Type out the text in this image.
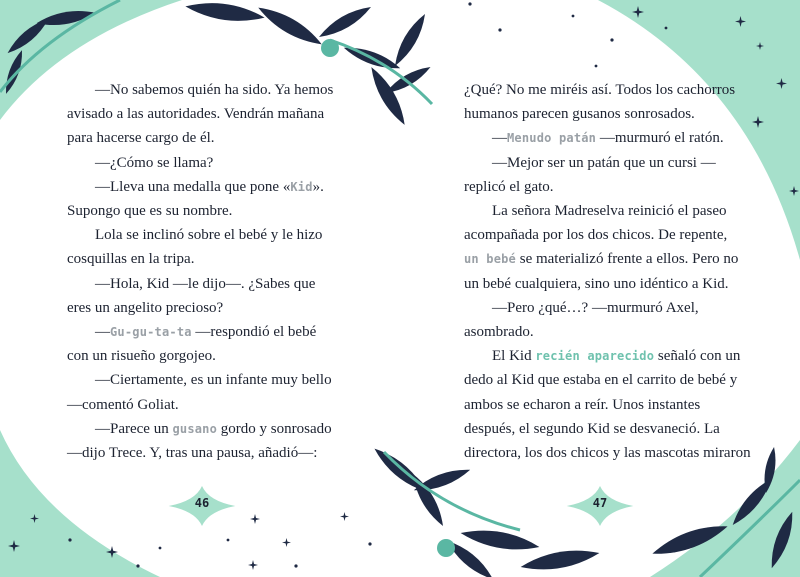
—No sabemos quién ha sido. Ya hemos avisado a las autoridades. Vendrán mañana para hacerse cargo de él.

—¿Cómo se llama?

—Lleva una medalla que pone «Kid». Supongo que es su nombre.

Lola se inclinó sobre el bebé y le hizo cosquillas en la tripa.

—Hola, Kid —le dijo—. ¿Sabes que eres un angelito precioso?

—Gu-gu-ta-ta —respondió el bebé con un risueño gorgojeo.

—Ciertamente, es un infante muy bello —comentó Goliat.

—Parece un gusano gordo y sonrosado —dijo Trece. Y, tras una pausa, añadió—:

¿Qué? No me miréis así. Todos los cachorros humanos parecen gusanos sonrosados.

—Menudo patán —murmuró el ratón.

—Mejor ser un patán que un cursi —replicó el gato.

La señora Madreselva reinició el paseo acompañada por los dos chicos. De repente,

un bebé se materializó frente a ellos. Pero no un bebé cualquiera, sino uno idéntico a Kid.

—Pero ¿qué…? —murmuró Axel, asombrado.

El Kid recién aparecido señaló con un dedo al Kid que estaba en el carrito de bebé y ambos se echaron a reír. Unos instantes después, el segundo Kid se desvaneció. La directora, los dos chicos y las mascotas miraron

46	47
